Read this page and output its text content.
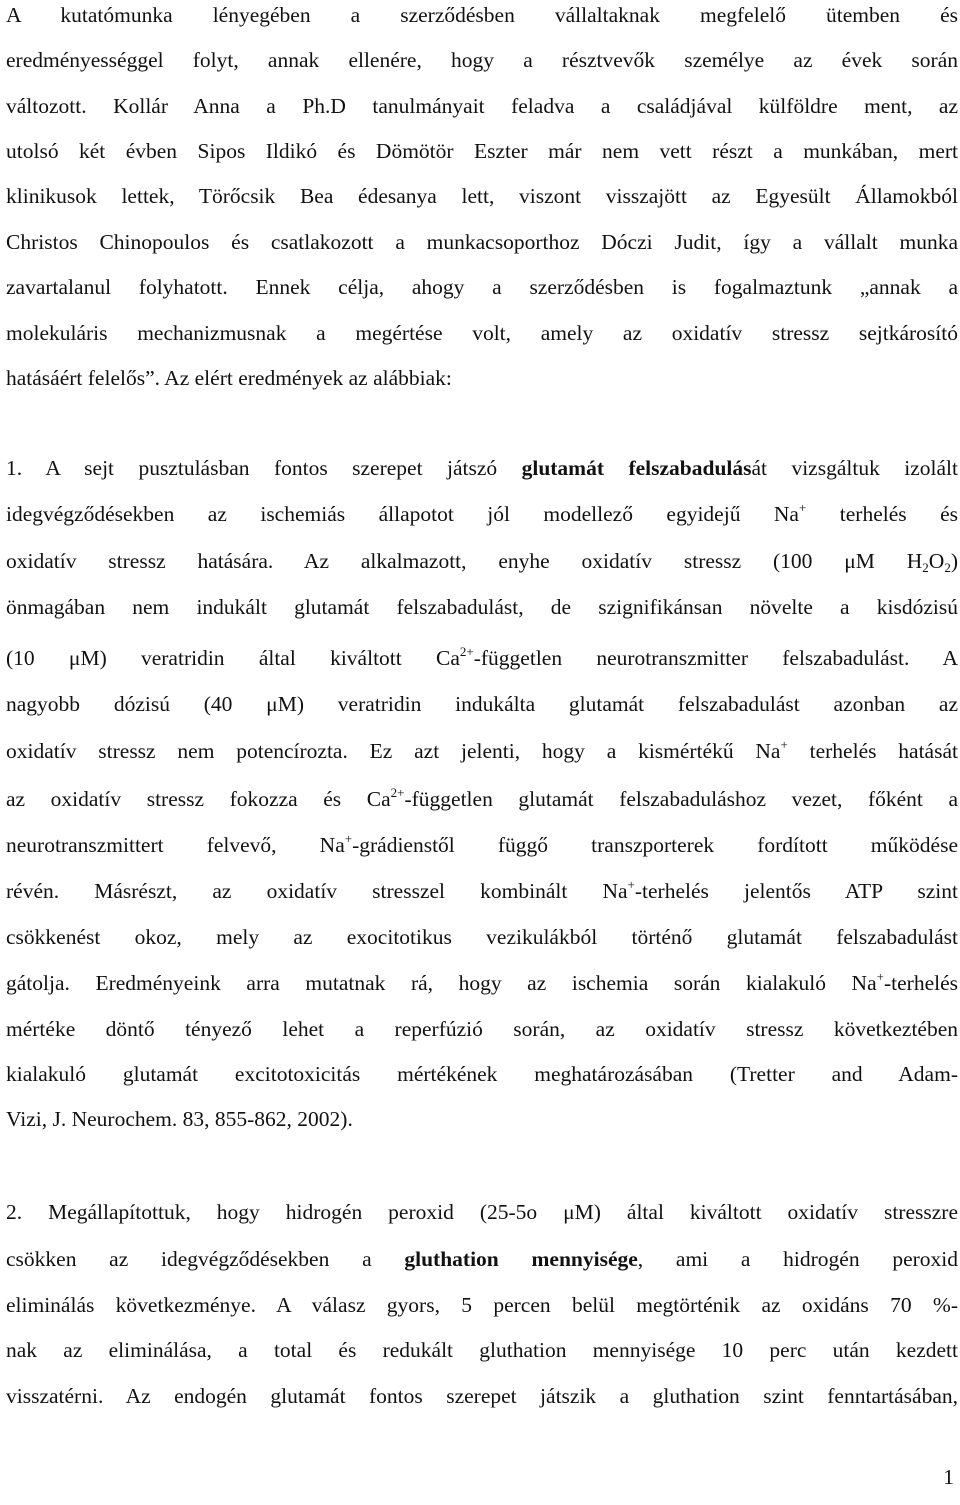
A kutatómunka lényegében a szerződésben vállaltaknak megfelelő ütemben és
eredményességgel folyt, annak ellenére, hogy a résztvevők személye az évek során
változott. Kollár Anna a Ph.D tanulmányait feladva a családjával külföldre ment, az
utolsó két évben Sipos Ildikó és Dömötör Eszter már nem vett részt a munkában, mert
klinikusok lettek, Törőcsik Bea édesanya lett, viszont visszajött az Egyesült Államokból
Christos Chinopoulos és csatlakozott a munkacsoporthoz Dóczi Judit, így a vállalt munka
zavartalanul folyhatott. Ennek célja, ahogy a szerződésben is fogalmaztunk „annak a
molekuláris mechanizmusnak a megértése volt, amely az oxidatív stressz sejtkárosító
hatásáért felelős”. Az elért eredmények az alábbiak:
1. A sejt pusztulásban fontos szerepet játszó glutamát felszabadulását vizsgáltuk izolált
idegvégződésekben az ischemiás állapotot jól modellező egyidejű Na+ terhelés és
oxidatív stressz hatására. Az alkalmazott, enyhe oxidatív stressz (100 μM $H_2O_2$)
önmagában nem indukált glutamát felszabadulást, de szignifikánsan növelte a kisdózisú
(10 μM) veratridin által kiváltott $Ca^{2+}$-független neurotranszmitter felszabadulást. A
nagyobb dózisú (40 μM) veratridin indukálta glutamát felszabadulást azonban az
oxidatív stressz nem potencírozta. Ez azt jelenti, hogy a kismértékű Na+ terhelés hatását
az oxidatív stressz fokozza és $Ca^{2+}$-független glutamát felszabaduláshoz vezet, főként a
neurotranszmittert felvevő, Na+-grádienstől függő transzporterek fordított működése
révén. Másrészt, az oxidatív stresszel kombinált Na+-terhelés jelentős ATP szint
csökkenést okoz, mely az exocitotikus vezikulákból történő glutamát felszabadulást
gátolja. Eredményeink arra mutatnak rá, hogy az ischemia során kialakuló Na+-terhelés
mértéke döntő tényező lehet a reperfúzió során, az oxidatív stressz következtében
kialakuló glutamát excitotoxicitás mértékének meghatározásában (Tretter and Adam-
Vizi, J. Neurochem. 83, 855-862, 2002).
2. Megállapítottuk, hogy hidrogén peroxid (25-5o μM) által kiváltott oxidatív stresszre
csökken az idegvégződésekben a gluthation mennyisége, ami a hidrogén peroxid
eliminálás következménye. A válasz gyors, 5 percen belül megtörténik az oxidáns 70 %-
nak az eliminálása, a total és redukált gluthation mennyisége 10 perc után kezdett
visszatérni. Az endogén glutamát fontos szerepet játszik a gluthation szint fenntartásában,
1
